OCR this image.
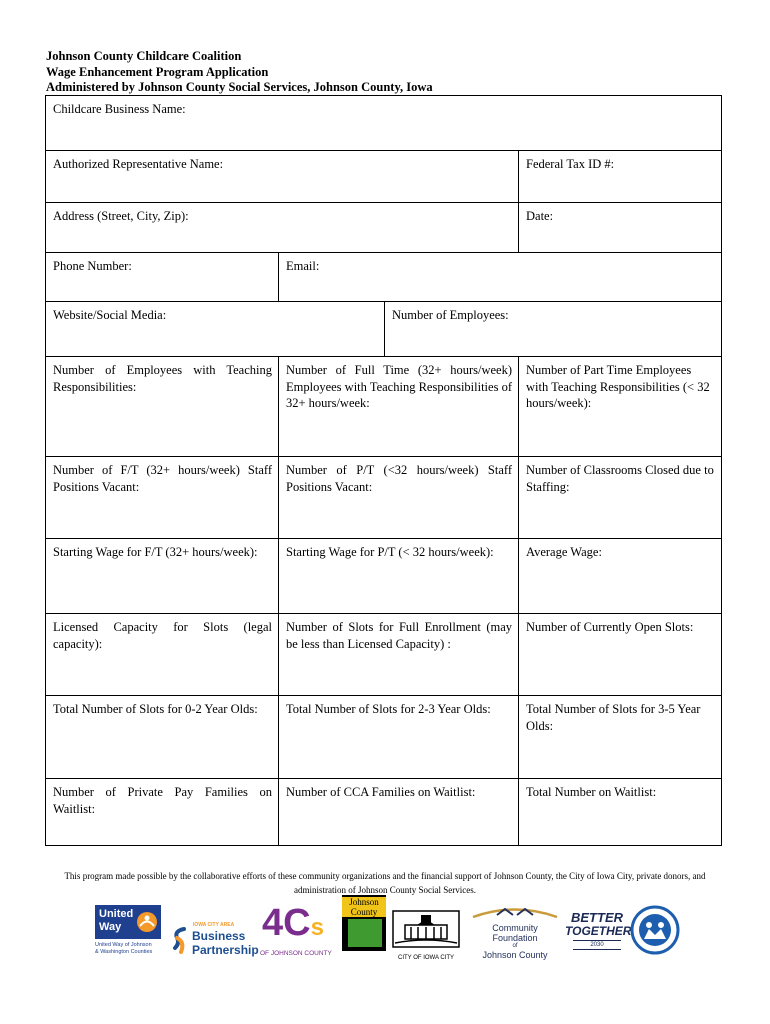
Johnson County Childcare Coalition
Wage Enhancement Program Application
Administered by Johnson County Social Services, Johnson County, Iowa
Childcare Business Name:			
Authorized Representative Name:			Federal Tax ID #:
Address (Street, City, Zip):			Date:
Phone Number:	Email:		
Website/Social Media:		Number of Employees:	
Number of Employees with Teaching Responsibilities:	Number of Full Time (32+ hours/week) Employees with Teaching Responsibilities of 32+ hours/week:		Number of Part Time Employees with Teaching Responsibilities (< 32 hours/week):
Number of F/T (32+ hours/week) Staff Positions Vacant:	Number of P/T (<32 hours/week) Staff Positions Vacant:		Number of Classrooms Closed due to Staffing:
Starting Wage for F/T (32+ hours/week):	Starting Wage for P/T (< 32 hours/week):		Average Wage:
Licensed Capacity for Slots (legal capacity):	Number of Slots for Full Enrollment (may be less than Licensed Capacity) :		Number of Currently Open Slots:
Total Number of Slots for 0-2 Year Olds:	Total Number of Slots for 2-3 Year Olds:		Total Number of Slots for 3-5 Year Olds:
Number of Private Pay Families on Waitlist:	Number of CCA Families on Waitlist:		Total Number on Waitlist:
This program made possible by the collaborative efforts of these community organizations and the financial support of Johnson County, the City of Iowa City, private donors, and administration of Johnson County Social Services.
United
Way
United Way of Johnson
& Washington Counties
IOWA CITY AREA
Business
Partnership
4Cs
OF JOHNSON COUNTY
Johnson
County
CITY OF IOWA CITY
Community
Foundation
of
Johnson County
BETTER
TOGETHER
2030
